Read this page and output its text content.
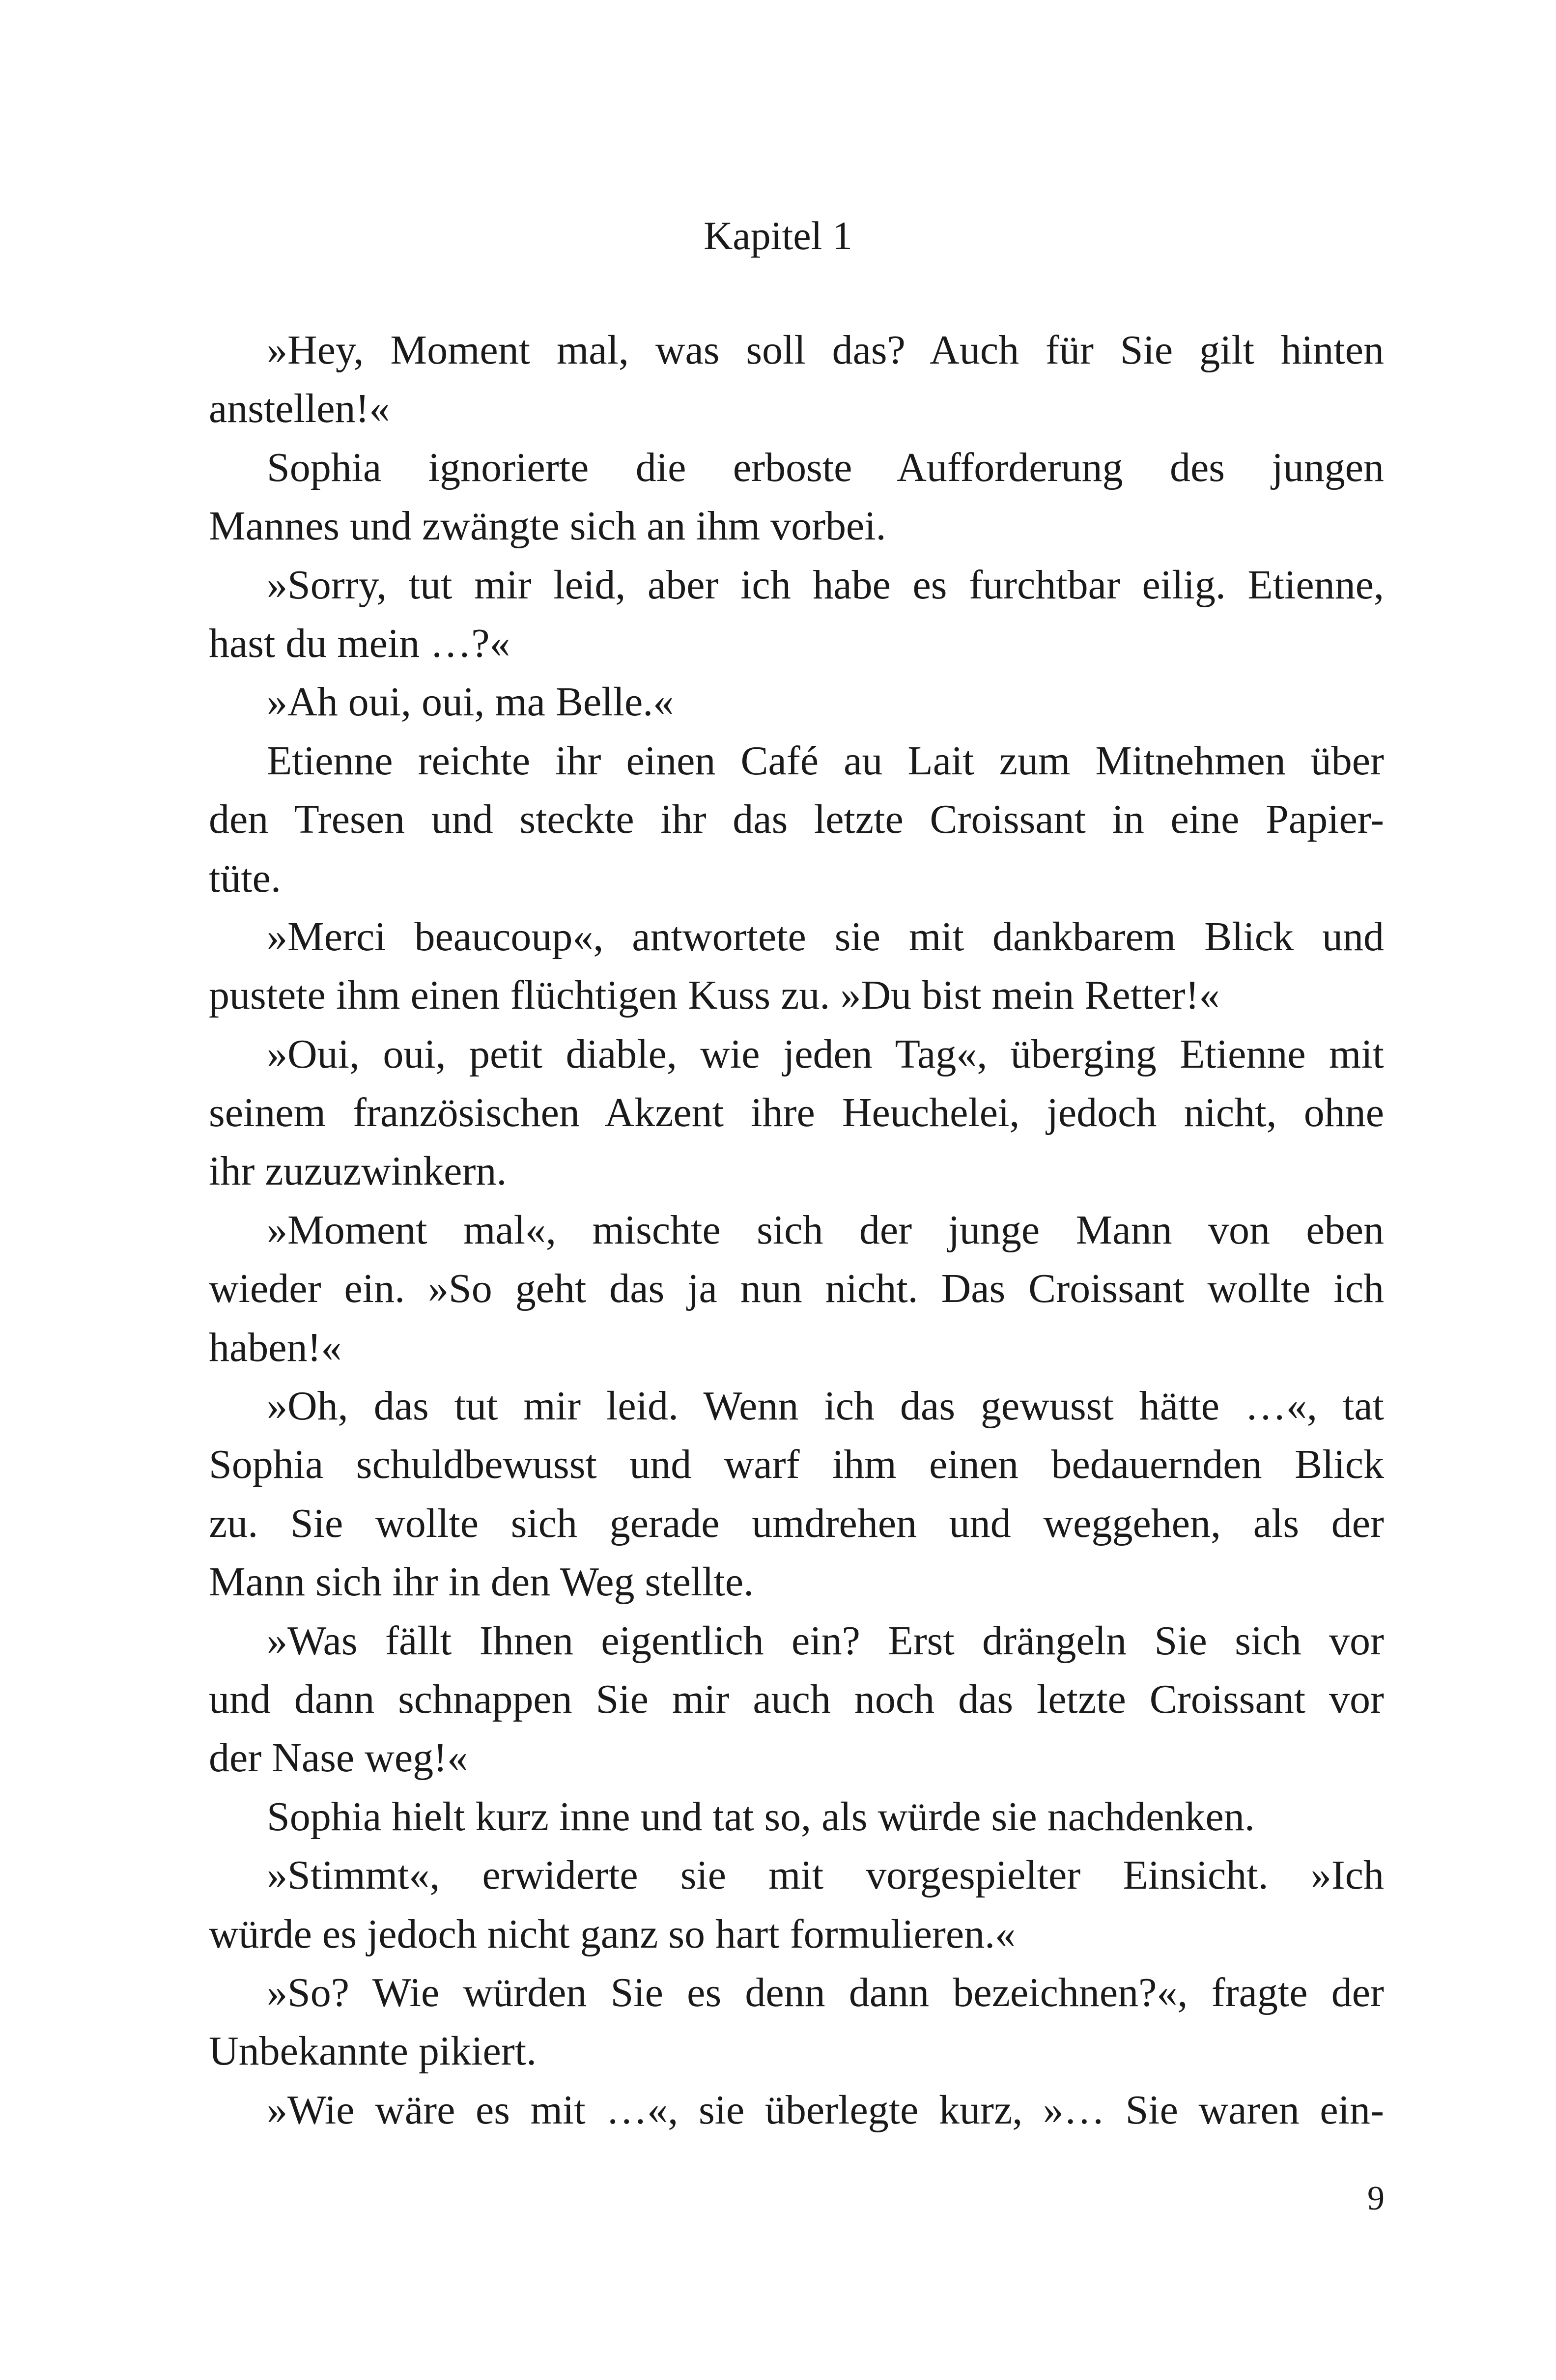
Kapitel 1
»Hey, Moment mal, was soll das? Auch für Sie gilt hinten
anstellen!«
Sophia ignorierte die erboste Aufforderung des jungen
Mannes und zwängte sich an ihm vorbei.
»Sorry, tut mir leid, aber ich habe es furchtbar eilig. Etienne,
hast du mein …?«
»Ah oui, oui, ma Belle.«
Etienne reichte ihr einen Café au Lait zum Mitnehmen über
den Tresen und steckte ihr das letzte Croissant in eine Papier-
tüte.
»Merci beaucoup«, antwortete sie mit dankbarem Blick und
pustete ihm einen flüchtigen Kuss zu. »Du bist mein Retter!«
»Oui, oui, petit diable, wie jeden Tag«, überging Etienne mit
seinem französischen Akzent ihre Heuchelei, jedoch nicht, ohne
ihr zuzuzwinkern.
»Moment mal«, mischte sich der junge Mann von eben
wieder ein. »So geht das ja nun nicht. Das Croissant wollte ich
haben!«
»Oh, das tut mir leid. Wenn ich das gewusst hätte …«, tat
Sophia schuldbewusst und warf ihm einen bedauernden Blick
zu. Sie wollte sich gerade umdrehen und weggehen, als der
Mann sich ihr in den Weg stellte.
»Was fällt Ihnen eigentlich ein? Erst drängeln Sie sich vor
und dann schnappen Sie mir auch noch das letzte Croissant vor
der Nase weg!«
Sophia hielt kurz inne und tat so, als würde sie nachdenken.
»Stimmt«, erwiderte sie mit vorgespielter Einsicht. »Ich
würde es jedoch nicht ganz so hart formulieren.«
»So? Wie würden Sie es denn dann bezeichnen?«, fragte der
Unbekannte pikiert.
»Wie wäre es mit …«, sie überlegte kurz, »… Sie waren ein-
9
